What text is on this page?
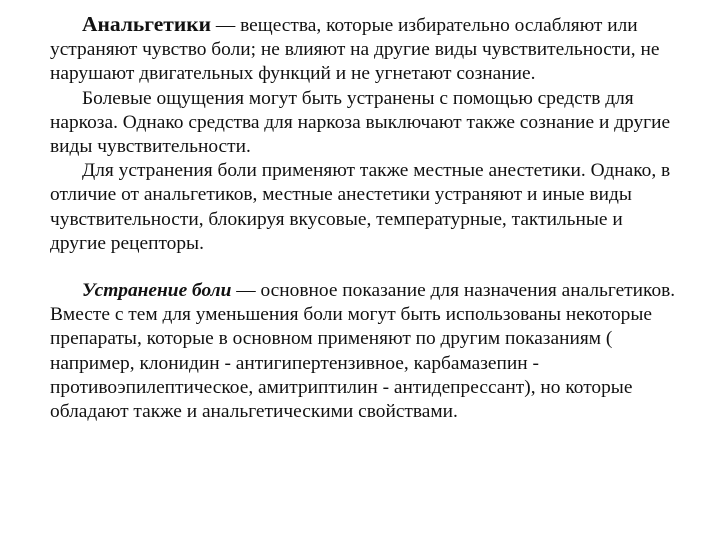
Анальгетики — вещества, которые избирательно ослабляют или устраняют чувство боли; не влияют на другие виды чувствительности, не нарушают двигательных функций и не угнетают сознание.

Болевые ощущения могут быть устранены с помощью средств для наркоза. Однако средства для наркоза выключают также сознание и другие виды чувствительности.

Для устранения боли применяют также местные анестетики. Однако, в отличие от анальгетиков, местные анестетики устраняют и иные виды чувствительности, блокируя вкусовые, температурные, тактильные и другие рецепторы.

Устранение боли — основное показание для назначения анальгетиков. Вместе с тем для уменьшения боли могут быть использованы некоторые препараты, которые в основном применяют по другим показаниям ( например, клонидин - антигипертензивное, карбамазепин - противоэпилептическое, амитриптилин - антидепрессант), но которые обладают также и анальгетическими свойствами.
